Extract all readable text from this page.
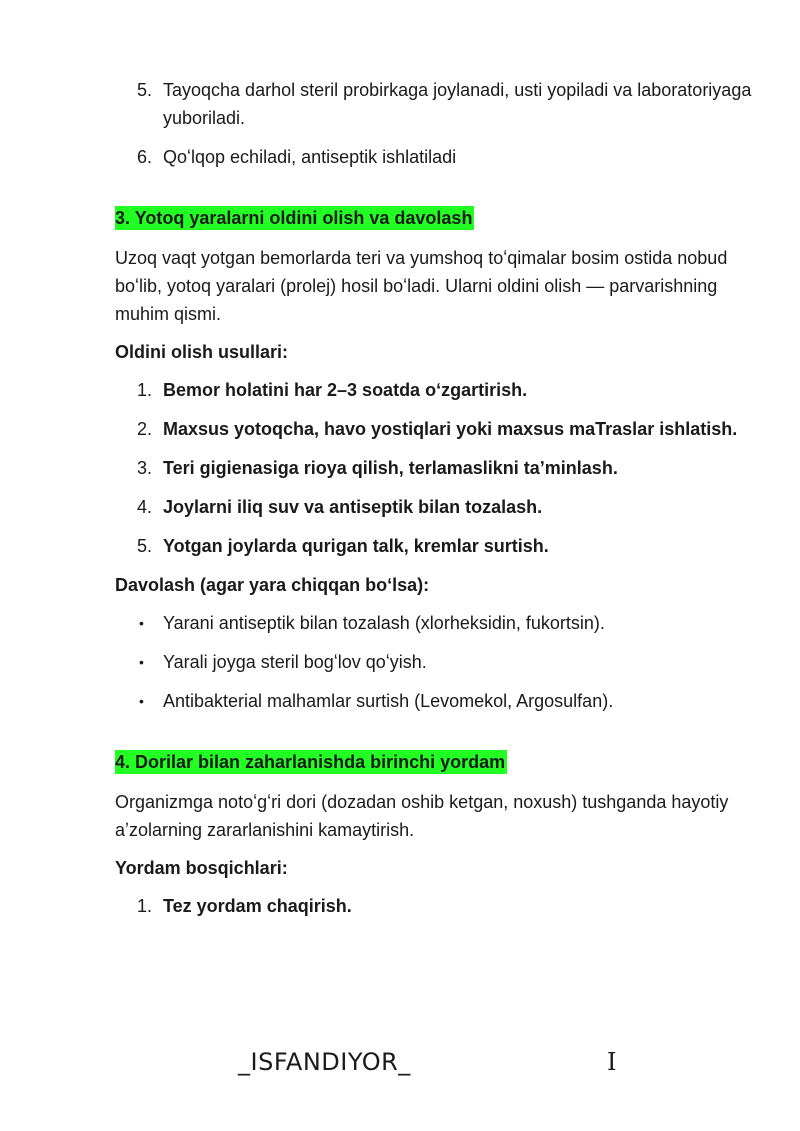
5. Tayoqcha darhol steril probirkaga joylanadi, usti yopiladi va laboratoriyaga yuboriladi.
6. Qoʻlqop echiladi, antiseptik ishlatiladi
3. Yotoq yaralarni oldini olish va davolash

Uzoq vaqt yotgan bemorlarda teri va yumshoq toʻqimalar bosim ostida nobud boʻlib, yotoq yaralari (prolej) hosil boʻladi. Ularni oldini olish — parvarishning muhim qismi.

Oldini olish usullari:

1. Bemor holatini har 2–3 soatda oʻzgartirish.
2. Maxsus yotoqcha, havo yostiqlari yoki maxsus maTraslar ishlatish.
3. Teri gigienasiga rioya qilish, terlamaslikni taʼminlash.
4. Joylarni iliq suv va antiseptik bilan tozalash.
5. Yotgan joylarda qurigan talk, kremlar surtish.

Davolash (agar yara chiqqan boʻlsa):

• Yarani antiseptik bilan tozalash (xlorheksidin, fukortsin).
• Yarali joyga steril bogʻlov qoʻyish.
• Antibakterial malhamlar surtish (Levomekol, Argosulfan).
4. Dorilar bilan zaharlanishda birinchi yordam

Organizmga notoʻgʻri dori (dozadan oshib ketgan, noxush) tushganda hayotiy aʼzolarning zararlanishini kamaytirish.

Yordam bosqichlari:

1. Tez yordam chaqirish.
_ISFANDIYOR_	I
